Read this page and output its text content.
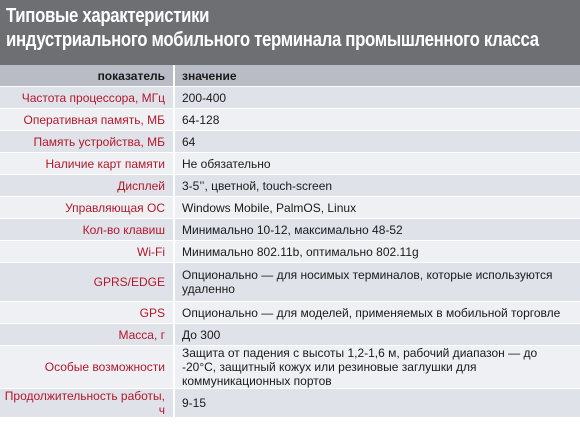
Типовые характеристики
индустриального мобильного терминала промышленного класса
показатель	значение
Частота процессора, МГц	200-400
Оперативная память, МБ	64-128
Память устройства, МБ	64
Наличие карт памяти	Не обязательно
Дисплей	3-5’’, цветной, touch-screen
Управляющая ОС	Windows Mobile, PalmOS, Linux
Кол-во клавиш	Минимально 10-12, максимально 48-52
Wi-Fi	Минимально 802.11b, оптимально 802.11g
GPRS/EDGE	Опционально — для носимых терминалов, которые используются удаленно
GPS	Опционально — для моделей, применяемых в мобильной торговле
Масса, г	До 300
Особые возможности	Защита от падения с высоты 1,2-1,6 м, рабочий диапазон — до -20°С, защитный кожух или резиновые заглушки для коммуникационных портов
Продолжительность работы, ч	9-15
